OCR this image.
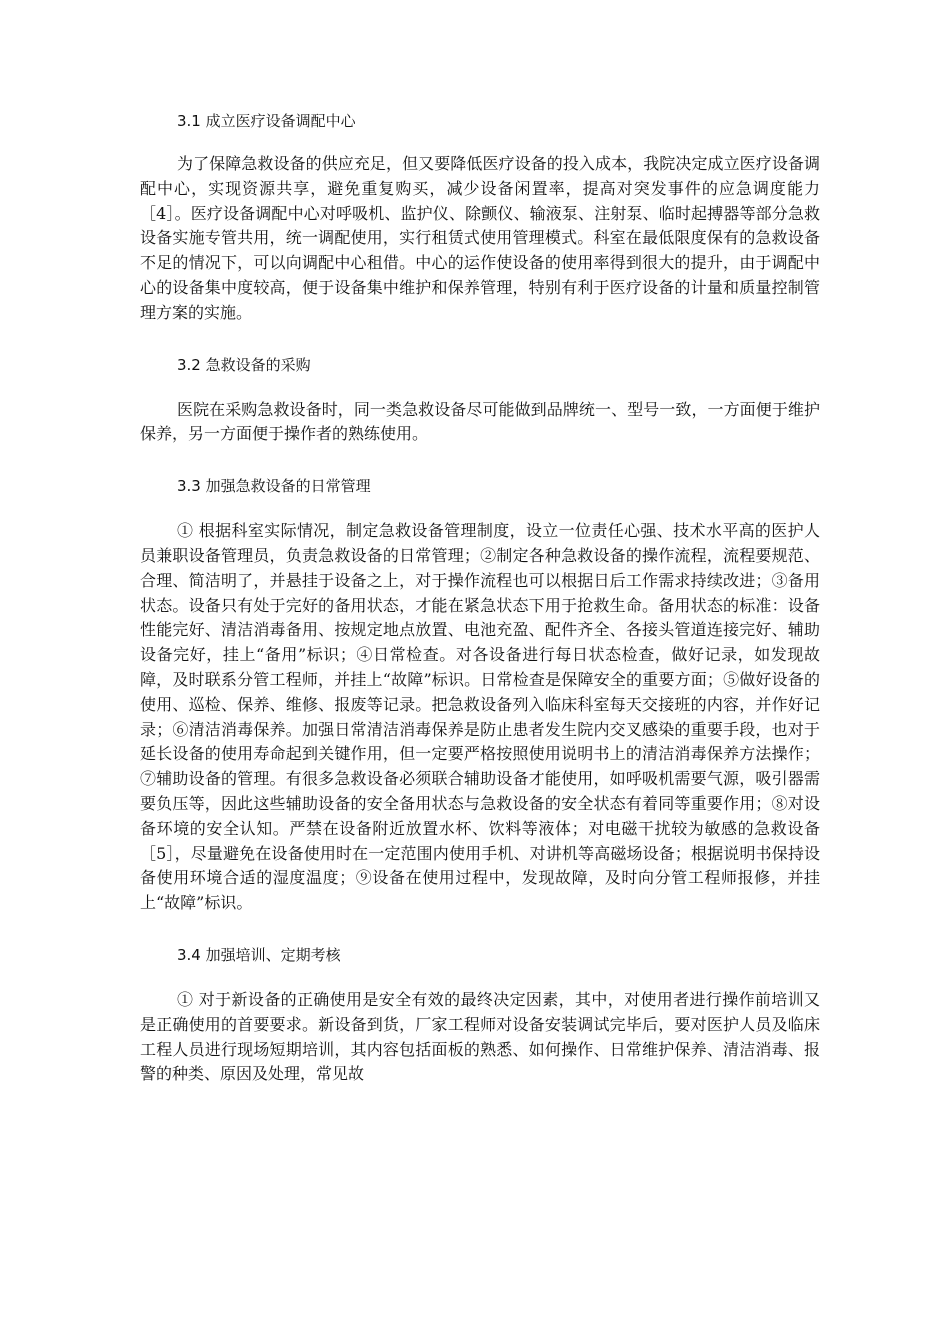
3.1 成立医疗设备调配中心

为了保障急救设备的供应充足，但又要降低医疗设备的投入成本，我院决定成立医疗设备调配中心，实现资源共享，避免重复购买，减少设备闲置率，提高对突发事件的应急调度能力［4］。医疗设备调配中心对呼吸机、监护仪、除颤仪、输液泵、注射泵、临时起搏器等部分急救设备实施专管共用，统一调配使用，实行租赁式使用管理模式。科室在最低限度保有的急救设备不足的情况下，可以向调配中心租借。中心的运作使设备的使用率得到很大的提升，由于调配中心的设备集中度较高，便于设备集中维护和保养管理，特别有利于医疗设备的计量和质量控制管理方案的实施。

3.2 急救设备的采购

医院在采购急救设备时，同一类急救设备尽可能做到品牌统一、型号一致，一方面便于维护保养，另一方面便于操作者的熟练使用。

3.3 加强急救设备的日常管理

① 根据科室实际情况，制定急救设备管理制度，设立一位责任心强、技术水平高的医护人员兼职设备管理员，负责急救设备的日常管理；②制定各种急救设备的操作流程，流程要规范、合理、简洁明了，并悬挂于设备之上，对于操作流程也可以根据日后工作需求持续改进；③备用状态。设备只有处于完好的备用状态，才能在紧急状态下用于抢救生命。备用状态的标准：设备性能完好、清洁消毒备用、按规定地点放置、电池充盈、配件齐全、各接头管道连接完好、辅助设备完好，挂上“备用”标识；④日常检查。对各设备进行每日状态检查，做好记录，如发现故障，及时联系分管工程师，并挂上“故障”标识。日常检查是保障安全的重要方面；⑤做好设备的使用、巡检、保养、维修、报废等记录。把急救设备列入临床科室每天交接班的内容，并作好记录；⑥清洁消毒保养。加强日常清洁消毒保养是防止患者发生院内交叉感染的重要手段，也对于延长设备的使用寿命起到关键作用，但一定要严格按照使用说明书上的清洁消毒保养方法操作；⑦辅助设备的管理。有很多急救设备必须联合辅助设备才能使用，如呼吸机需要气源，吸引器需要负压等，因此这些辅助设备的安全备用状态与急救设备的安全状态有着同等重要作用；⑧对设备环境的安全认知。严禁在设备附近放置水杯、饮料等液体；对电磁干扰较为敏感的急救设备［5］，尽量避免在设备使用时在一定范围内使用手机、对讲机等高磁场设备；根据说明书保持设备使用环境合适的湿度温度；⑨设备在使用过程中，发现故障，及时向分管工程师报修，并挂上“故障”标识。

3.4 加强培训、定期考核

① 对于新设备的正确使用是安全有效的最终决定因素，其中，对使用者进行操作前培训又是正确使用的首要要求。新设备到货，厂家工程师对设备安装调试完毕后，要对医护人员及临床工程人员进行现场短期培训，其内容包括面板的熟悉、如何操作、日常维护保养、清洁消毒、报警的种类、原因及处理，常见故
